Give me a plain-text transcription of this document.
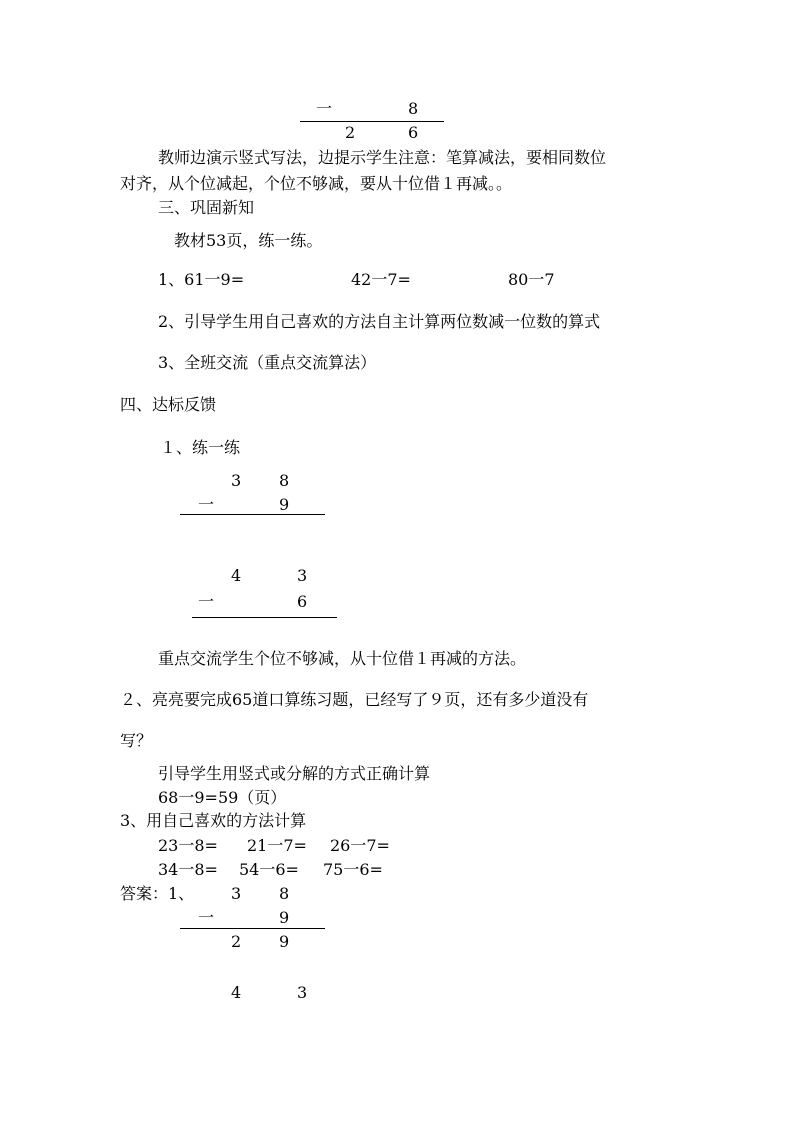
一	8
2	6
教师边演示竖式写法，边提示学生注意：笔算减法，要相同数位
对齐，从个位减起，个位不够减，要从十位借１再减。。
三、巩固新知
教材53页，练一练。
1、61一9=	42一7=	80一7
2、引导学生用自己喜欢的方法自主计算两位数减一位数的算式
3、全班交流（重点交流算法）
四、达标反馈
１、练一练
3 8
一	9
4	3
一	6
重点交流学生个位不够减，从十位借１再减的方法。
２、亮亮要完成65道口算练习题，已经写了９页，还有多少道没有
写？
引导学生用竖式或分解的方式正确计算
68一9=59（页）
3、用自己喜欢的方法计算
23一8= 21一7= 26一7=
34一8= 54一6= 75一6=
答案：1、 3 8
一	9
2 9
4	3
